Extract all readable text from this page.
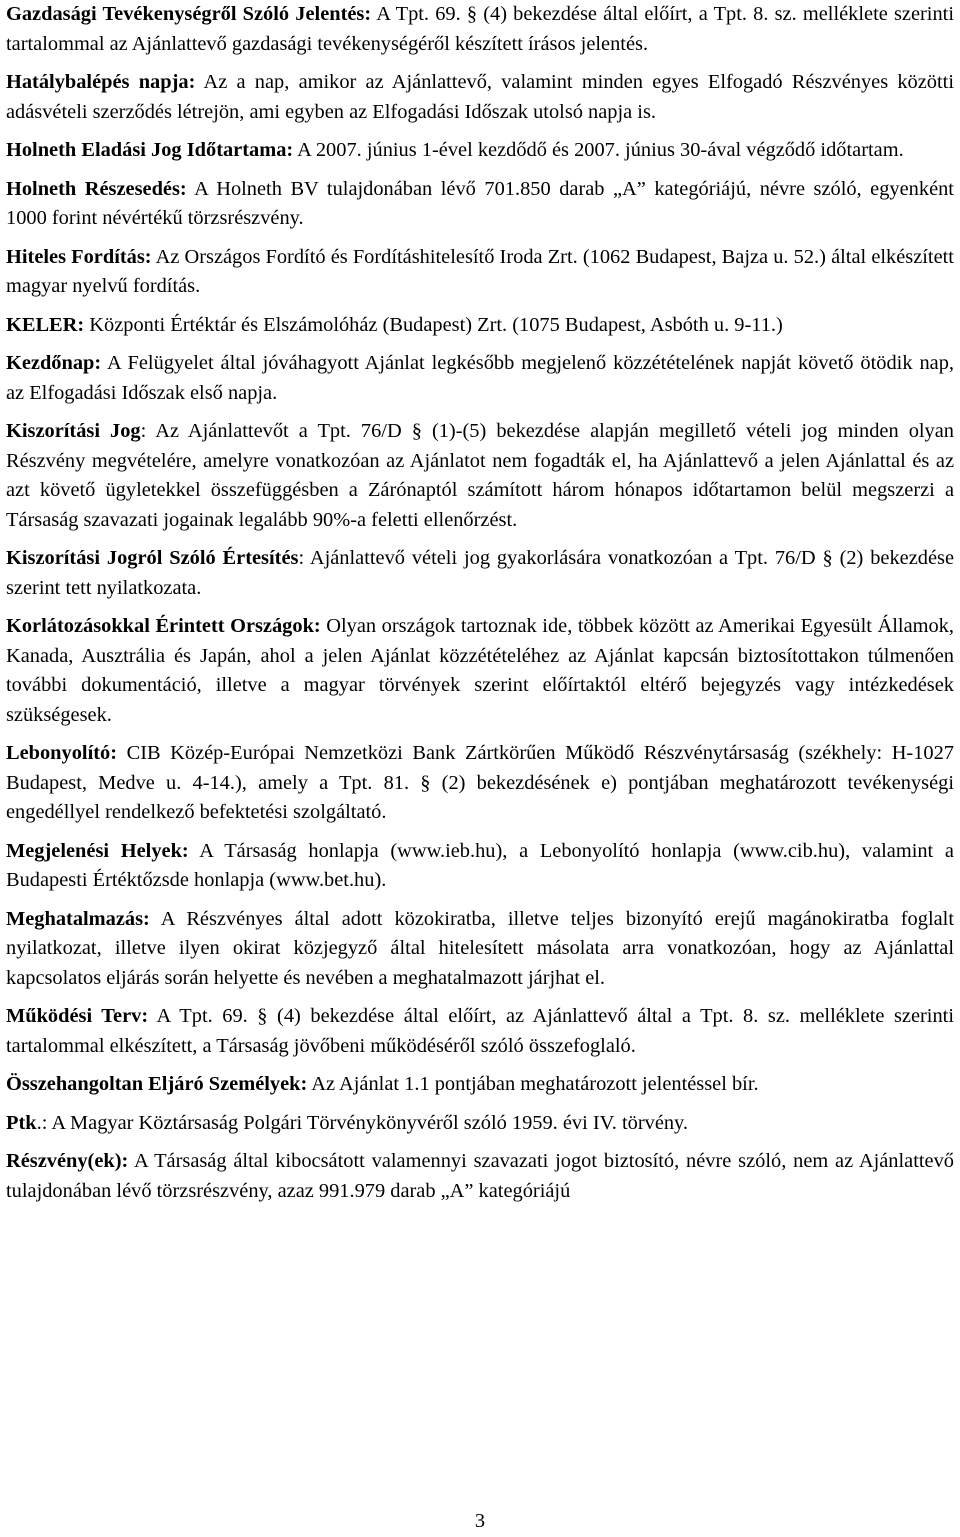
Gazdasági Tevékenységről Szóló Jelentés: A Tpt. 69. § (4) bekezdése által előírt, a Tpt. 8. sz. melléklete szerinti tartalommal az Ajánlattevő gazdasági tevékenységéről készített írásos jelentés.

Hatálybalépés napja: Az a nap, amikor az Ajánlattevő, valamint minden egyes Elfogadó Részvényes közötti adásvételi szerződés létrejön, ami egyben az Elfogadási Időszak utolsó napja is.

Holneth Eladási Jog Időtartama: A 2007. június 1-ével kezdődő és 2007. június 30-ával végződő időtartam.

Holneth Részesedés: A Holneth BV tulajdonában lévő 701.850 darab „A” kategóriájú, névre szóló, egyenként 1000 forint névértékű törzsrészvény.

Hiteles Fordítás: Az Országos Fordító és Fordításhitelesítő Iroda Zrt. (1062 Budapest, Bajza u. 52.) által elkészített magyar nyelvű fordítás.

KELER: Központi Értéktár és Elszámolóház (Budapest) Zrt. (1075 Budapest, Asbóth u. 9-11.)

Kezdőnap: A Felügyelet által jóváhagyott Ajánlat legkésőbb megjelenő közzétételének napját követő ötödik nap, az Elfogadási Időszak első napja.

Kiszorítási Jog: Az Ajánlattevőt a Tpt. 76/D § (1)-(5) bekezdése alapján megillető vételi jog minden olyan Részvény megvételére, amelyre vonatkozóan az Ajánlatot nem fogadták el, ha Ajánlattevő a jelen Ajánlattal és az azt követő ügyletekkel összefüggésben a Zárónaptól számított három hónapos időtartamon belül megszerzi a Társaság szavazati jogainak legalább 90%-a feletti ellenőrzést.

Kiszorítási Jogról Szóló Értesítés: Ajánlattevő vételi jog gyakorlására vonatkozóan a Tpt. 76/D § (2) bekezdése szerint tett nyilatkozata.

Korlátozásokkal Érintett Országok: Olyan országok tartoznak ide, többek között az Amerikai Egyesült Államok, Kanada, Ausztrália és Japán, ahol a jelen Ajánlat közzétételéhez az Ajánlat kapcsán biztosítottakon túlmenően további dokumentáció, illetve a magyar törvények szerint előírtaktól eltérő bejegyzés vagy intézkedések szükségesek.

Lebonyolító: CIB Közép-Európai Nemzetközi Bank Zártkörűen Működő Részvénytársaság (székhely: H-1027 Budapest, Medve u. 4-14.), amely a Tpt. 81. § (2) bekezdésének e) pontjában meghatározott tevékenységi engedéllyel rendelkező befektetési szolgáltató.

Megjelenési Helyek: A Társaság honlapja (www.ieb.hu), a Lebonyolító honlapja (www.cib.hu), valamint a Budapesti Értéktőzsde honlapja (www.bet.hu).

Meghatalmazás: A Részvényes által adott közokiratba, illetve teljes bizonyító erejű magánokiratba foglalt nyilatkozat, illetve ilyen okirat közjegyző által hitelesített másolata arra vonatkozóan, hogy az Ajánlattal kapcsolatos eljárás során helyette és nevében a meghatalmazott járjhat el.

Működési Terv: A Tpt. 69. § (4) bekezdése által előírt, az Ajánlattevő által a Tpt. 8. sz. melléklete szerinti tartalommal elkészített, a Társaság jövőbeni működéséről szóló összefoglaló.

Összehangoltan Eljáró Személyek: Az Ajánlat 1.1 pontjában meghatározott jelentéssel bír.

Ptk.: A Magyar Köztársaság Polgári Törvénykönyvéről szóló 1959. évi IV. törvény.

Részvény(ek): A Társaság által kibocsátott valamennyi szavazati jogot biztosító, névre szóló, nem az Ajánlattevő tulajdonában lévő törzsrészvény, azaz 991.979 darab „A” kategóriájú

3
